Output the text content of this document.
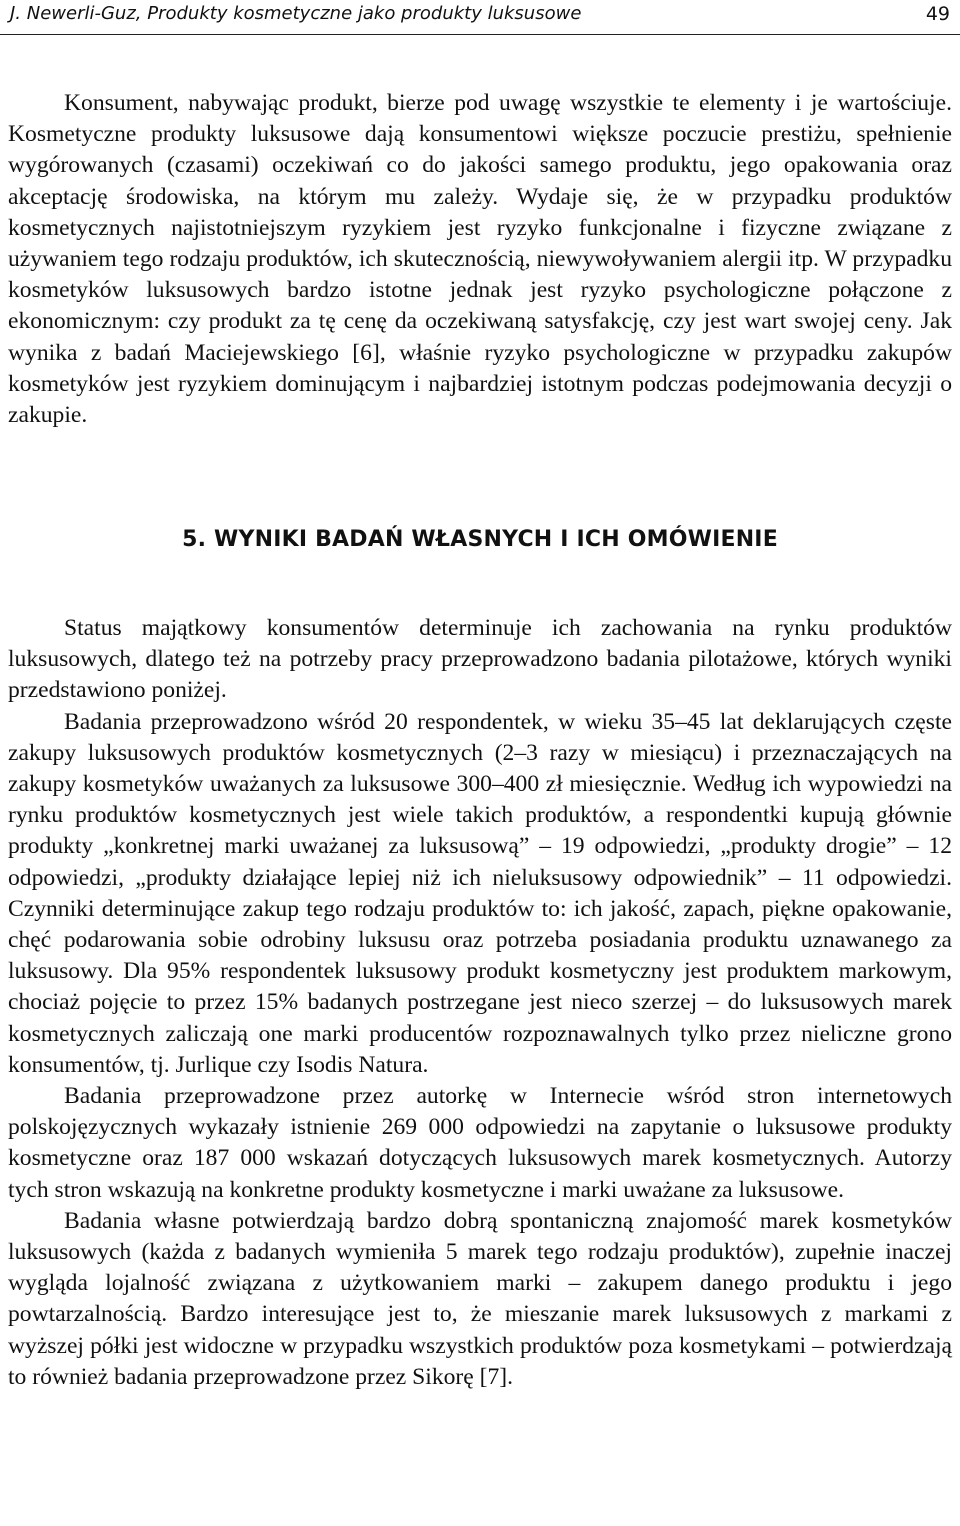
J. Newerli-Guz, Produkty kosmetyczne jako produkty luksusowe	49

Konsument, nabywając produkt, bierze pod uwagę wszystkie te elementy i je wartościuje. Kosmetyczne produkty luksusowe dają konsumentowi większe poczucie prestiżu, spełnienie wygórowanych (czasami) oczekiwań co do jakości samego produktu, jego opakowania oraz akceptację środowiska, na którym mu zależy. Wydaje się, że w przypadku produktów kosmetycznych najistotniejszym ryzykiem jest ryzyko funkcjonalne i fizyczne związane z używaniem tego rodzaju produktów, ich skutecznością, niewywoływaniem alergii itp. W przypadku kosmetyków luksusowych bardzo istotne jednak jest ryzyko psychologiczne połączone z ekonomicznym: czy produkt za tę cenę da oczekiwaną satysfakcję, czy jest wart swojej ceny. Jak wynika z badań Maciejewskiego [6], właśnie ryzyko psychologiczne w przypadku zakupów kosmetyków jest ryzykiem dominującym i najbardziej istotnym podczas podejmowania decyzji o zakupie.

5. WYNIKI BADAŃ WŁASNYCH I ICH OMÓWIENIE

Status majątkowy konsumentów determinuje ich zachowania na rynku produktów luksusowych, dlatego też na potrzeby pracy przeprowadzono badania pilotażowe, których wyniki przedstawiono poniżej.

Badania przeprowadzono wśród 20 respondentek, w wieku 35–45 lat deklarujących częste zakupy luksusowych produktów kosmetycznych (2–3 razy w miesiącu) i przeznaczających na zakupy kosmetyków uważanych za luksusowe 300–400 zł miesięcznie. Według ich wypowiedzi na rynku produktów kosmetycznych jest wiele takich produktów, a respondentki kupują głównie produkty „konkretnej marki uważanej za luksusową” – 19 odpowiedzi, „produkty drogie” – 12 odpowiedzi, „produkty działające lepiej niż ich nieluksusowy odpowiednik” – 11 odpowiedzi. Czynniki determinujące zakup tego rodzaju produktów to: ich jakość, zapach, piękne opakowanie, chęć podarowania sobie odrobiny luksusu oraz potrzeba posiadania produktu uznawanego za luksusowy. Dla 95% respondentek luksusowy produkt kosmetyczny jest produktem markowym, chociaż pojęcie to przez 15% badanych postrzegane jest nieco szerzej – do luksusowych marek kosmetycznych zaliczają one marki producentów rozpoznawalnych tylko przez nieliczne grono konsumentów, tj. Jurlique czy Isodis Natura.

Badania przeprowadzone przez autorkę w Internecie wśród stron internetowych polskojęzycznych wykazały istnienie 269 000 odpowiedzi na zapytanie o luksusowe produkty kosmetyczne oraz 187 000 wskazań dotyczących luksusowych marek kosmetycznych. Autorzy tych stron wskazują na konkretne produkty kosmetyczne i marki uważane za luksusowe.

Badania własne potwierdzają bardzo dobrą spontaniczną znajomość marek kosmetyków luksusowych (każda z badanych wymieniła 5 marek tego rodzaju produktów), zupełnie inaczej wygląda lojalność związana z użytkowaniem marki – zakupem danego produktu i jego powtarzalnością. Bardzo interesujące jest to, że mieszanie marek luksusowych z markami z wyższej półki jest widoczne w przypadku wszystkich produktów poza kosmetykami – potwierdzają to również badania przeprowadzone przez Sikorę [7].
